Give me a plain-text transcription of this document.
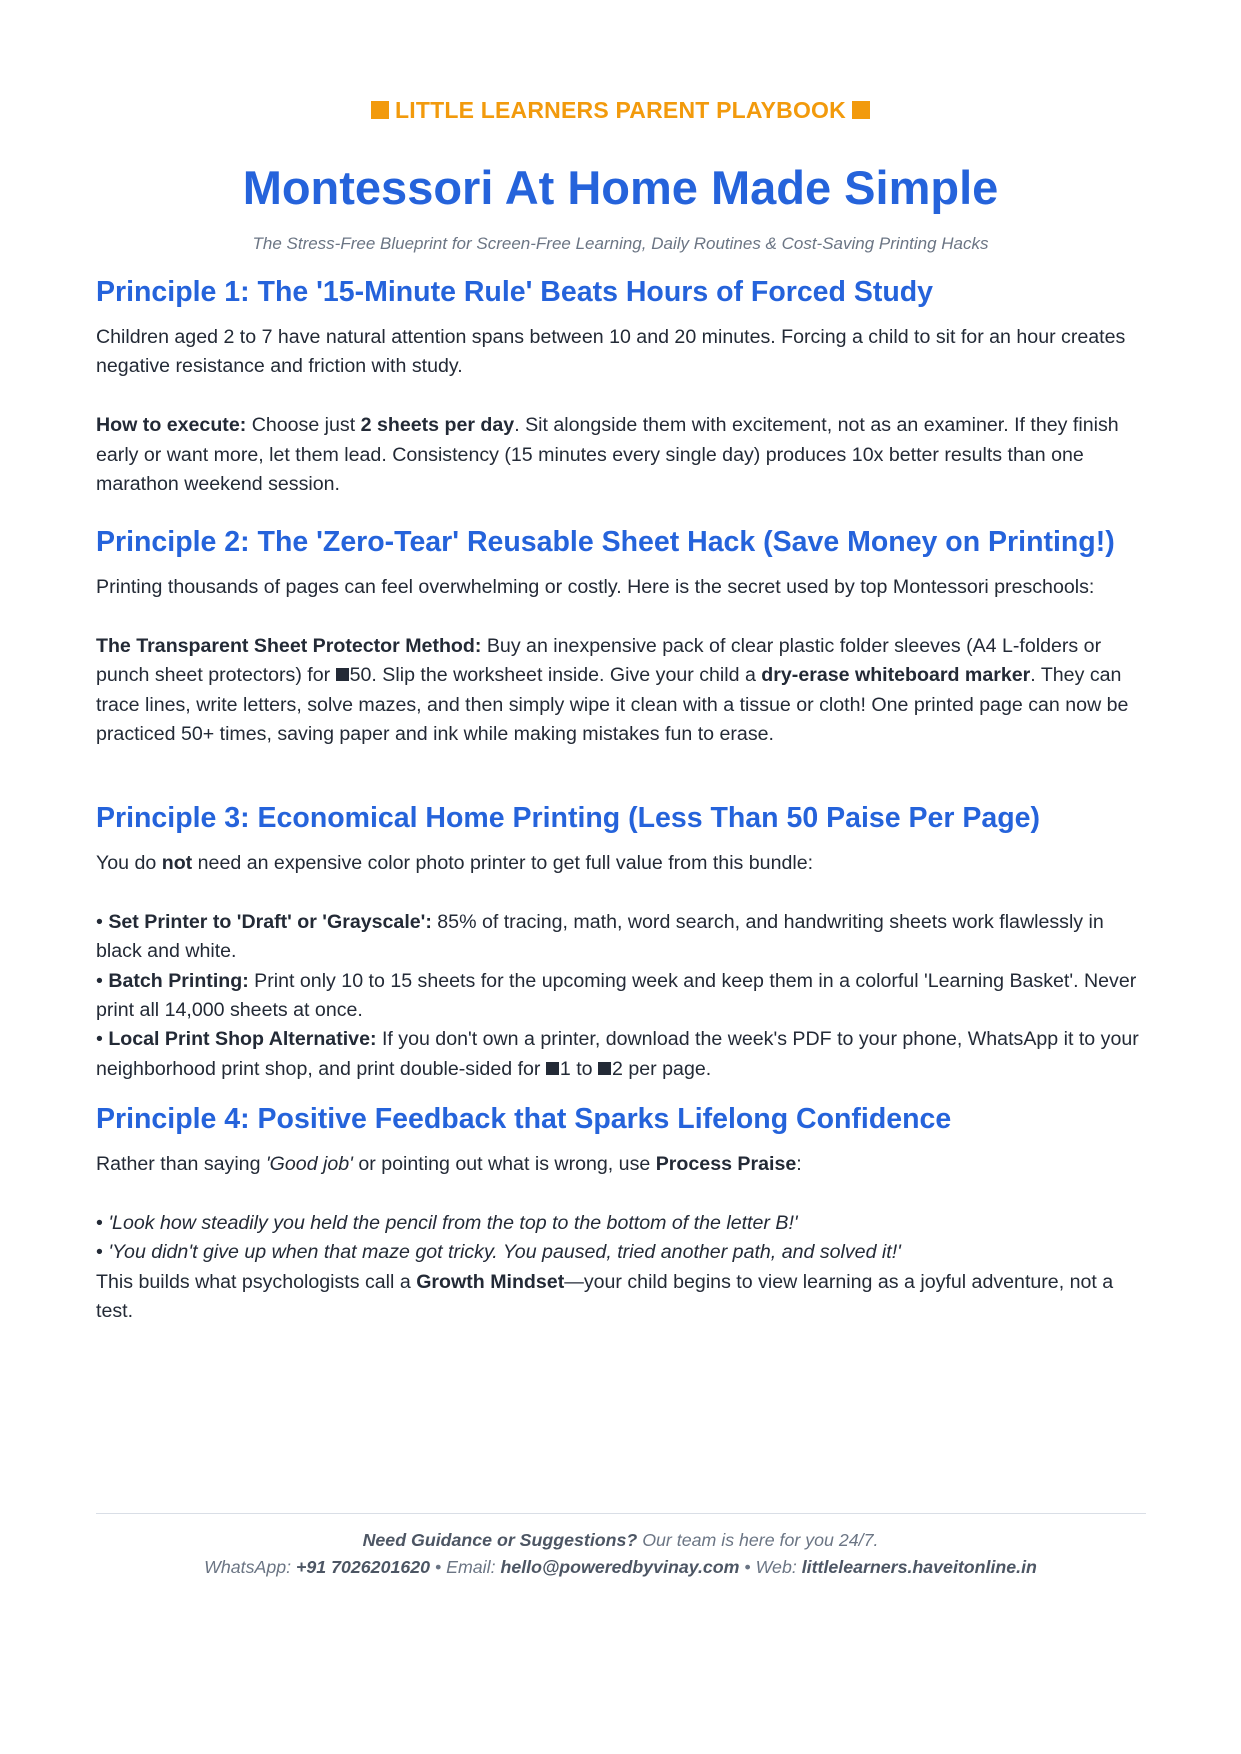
LITTLE LEARNERS PARENT PLAYBOOK
Montessori At Home Made Simple
The Stress-Free Blueprint for Screen-Free Learning, Daily Routines & Cost-Saving Printing Hacks
Principle 1: The '15-Minute Rule' Beats Hours of Forced Study

Children aged 2 to 7 have natural attention spans between 10 and 20 minutes. Forcing a child to sit for an hour creates negative resistance and friction with study.

How to execute: Choose just 2 sheets per day. Sit alongside them with excitement, not as an examiner. If they finish early or want more, let them lead. Consistency (15 minutes every single day) produces 10x better results than one marathon weekend session.

Principle 2: The 'Zero-Tear' Reusable Sheet Hack (Save Money on Printing!)

Printing thousands of pages can feel overwhelming or costly. Here is the secret used by top Montessori preschools:

The Transparent Sheet Protector Method: Buy an inexpensive pack of clear plastic folder sleeves (A4 L-folders or punch sheet protectors) for 50. Slip the worksheet inside. Give your child a dry-erase whiteboard marker. They can trace lines, write letters, solve mazes, and then simply wipe it clean with a tissue or cloth! One printed page can now be practiced 50+ times, saving paper and ink while making mistakes fun to erase.

Principle 3: Economical Home Printing (Less Than 50 Paise Per Page)

You do not need an expensive color photo printer to get full value from this bundle:

• Set Printer to 'Draft' or 'Grayscale': 85% of tracing, math, word search, and handwriting sheets work flawlessly in black and white.

• Batch Printing: Print only 10 to 15 sheets for the upcoming week and keep them in a colorful 'Learning Basket'. Never print all 14,000 sheets at once.

• Local Print Shop Alternative: If you don't own a printer, download the week's PDF to your phone, WhatsApp it to your neighborhood print shop, and print double-sided for 1 to 2 per page.

Principle 4: Positive Feedback that Sparks Lifelong Confidence

Rather than saying 'Good job' or pointing out what is wrong, use Process Praise:

• 'Look how steadily you held the pencil from the top to the bottom of the letter B!'

• 'You didn't give up when that maze got tricky. You paused, tried another path, and solved it!'

This builds what psychologists call a Growth Mindset—your child begins to view learning as a joyful adventure, not a test.

Need Guidance or Suggestions? Our team is here for you 24/7.
WhatsApp: +91 7026201620 • Email: hello@poweredbyvinay.com • Web: littlelearners.haveitonline.in
